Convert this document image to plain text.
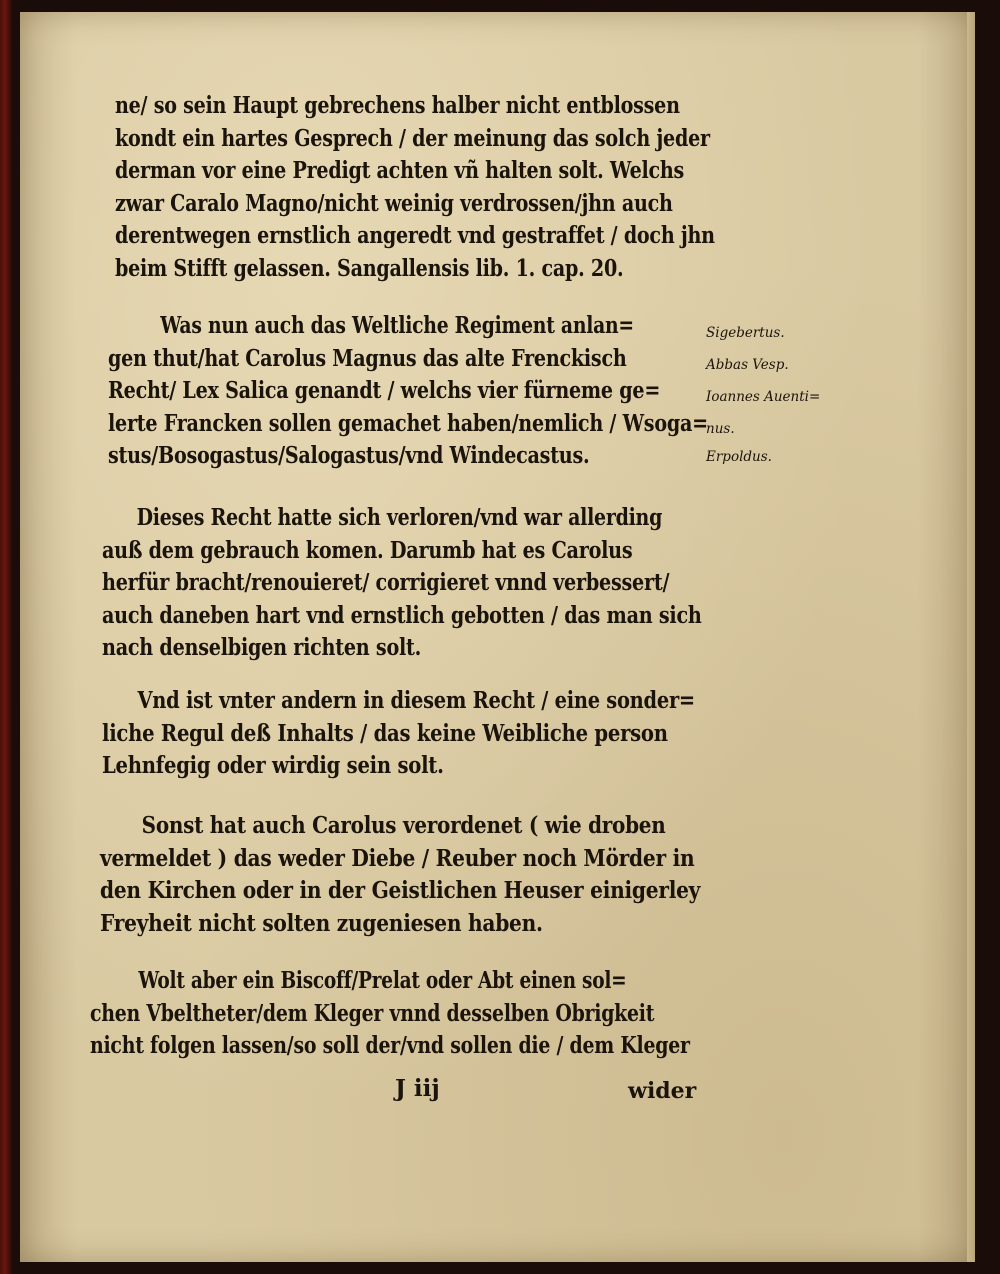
ne/ so sein Haupt gebrechens halber nicht entblossen
kondt ein hartes Gesprech / der meinung das solch jeder
derman vor eine Predigt achten vñ halten solt. Welchs
zwar Caralo Magno/nicht weinig verdrossen/jhn auch
derentwegen ernstlich angeredt vnd gestraffet / doch jhn
beim Stifft gelassen. Sangallensis lib. 1. cap. 20.
Was nun auch das Weltliche Regiment anlan=
gen thut/hat Carolus Magnus das alte Frenckisch
Recht/ Lex Salica genandt / welchs vier fürneme ge=
lerte Francken sollen gemachet haben/nemlich / Wsoga=
stus/Bosogastus/Salogastus/vnd Windecastus.
Sigebertus.
Abbas Vesp.
Ioannes Auenti=
nus.
Erpoldus.
Dieses Recht hatte sich verloren/vnd war allerding
auß dem gebrauch komen. Darumb hat es Carolus
herfür bracht/renouieret/ corrigieret vnnd verbessert/
auch daneben hart vnd ernstlich gebotten / das man sich
nach denselbigen richten solt.
Vnd ist vnter andern in diesem Recht / eine sonder=
liche Regul deß Inhalts / das keine Weibliche person
Lehnfegig oder wirdig sein solt.
Sonst hat auch Carolus verordenet ( wie droben
vermeldet ) das weder Diebe / Reuber noch Mörder in
den Kirchen oder in der Geistlichen Heuser einigerley
Freyheit nicht solten zugeniesen haben.
Wolt aber ein Biscoff/Prelat oder Abt einen sol=
chen Vbeltheter/dem Kleger vnnd desselben Obrigkeit
nicht folgen lassen/so soll der/vnd sollen die / dem Kleger
J iij	wider
